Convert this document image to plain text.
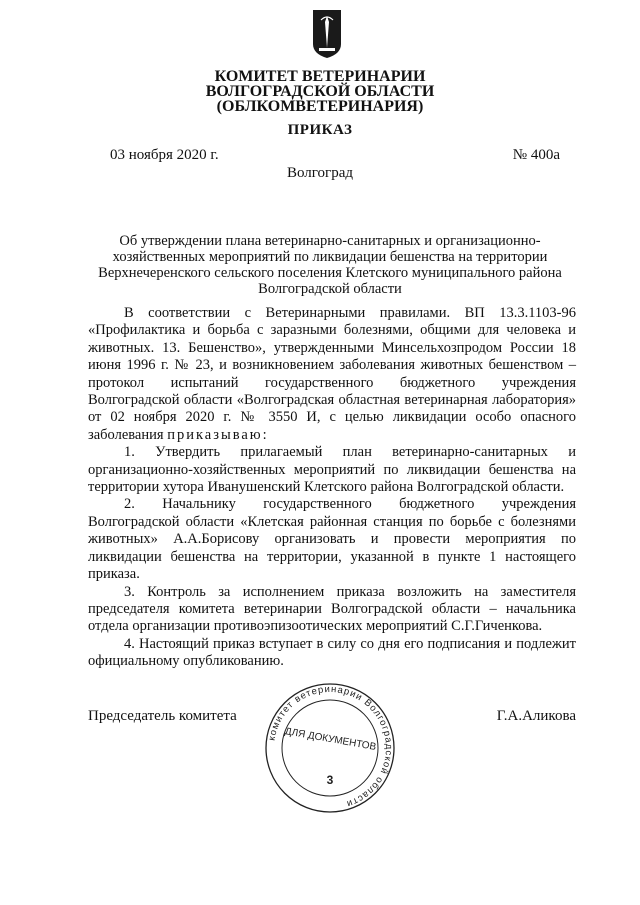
КОМИТЕТ ВЕТЕРИНАРИИ
ВОЛГОГРАДСКОЙ ОБЛАСТИ
(ОБЛКОМВЕТЕРИНАРИЯ)
ПРИКАЗ
03 ноября 2020 г.	№ 400а
Волгоград
Об утверждении плана ветеринарно-санитарных и организационно-хозяйственных мероприятий по ликвидации бешенства на территории Верхнечеренского сельского поселения Клетского муниципального района Волгоградской области

В соответствии с Ветеринарными правилами. ВП 13.3.1103-96 «Профилактика и борьба с заразными болезнями, общими для человека и животных. 13. Бешенство», утвержденными Минсельхозпродом России 18 июня 1996 г. № 23, и возникновением заболевания животных бешенством – протокол испытаний государственного бюджетного учреждения Волгоградской области «Волгоградская областная ветеринарная лаборатория» от 02 ноября 2020 г. № 3550 И, с целью ликвидации особо опасного заболевания приказываю:

1. Утвердить прилагаемый план ветеринарно-санитарных и организационно-хозяйственных мероприятий по ликвидации бешенства на территории хутора Иванушенский Клетского района Волгоградской области.

2. Начальнику государственного бюджетного учреждения Волгоградской области «Клетская районная станция по борьбе с болезнями животных» А.А.Борисову организовать и провести мероприятия по ликвидации бешенства на территории, указанной в пункте 1 настоящего приказа.

3. Контроль за исполнением приказа возложить на заместителя председателя комитета ветеринарии Волгоградской области – начальника отдела организации противоэпизоотических мероприятий С.Г.Гиченкова.

4. Настоящий приказ вступает в силу со дня его подписания и подлежит официальному опубликованию.

Председатель комитета
комитет ветеринарии Волгоградской области
ДЛЯ ДОКУМЕНТОВ
3
Г.А.Аликова
